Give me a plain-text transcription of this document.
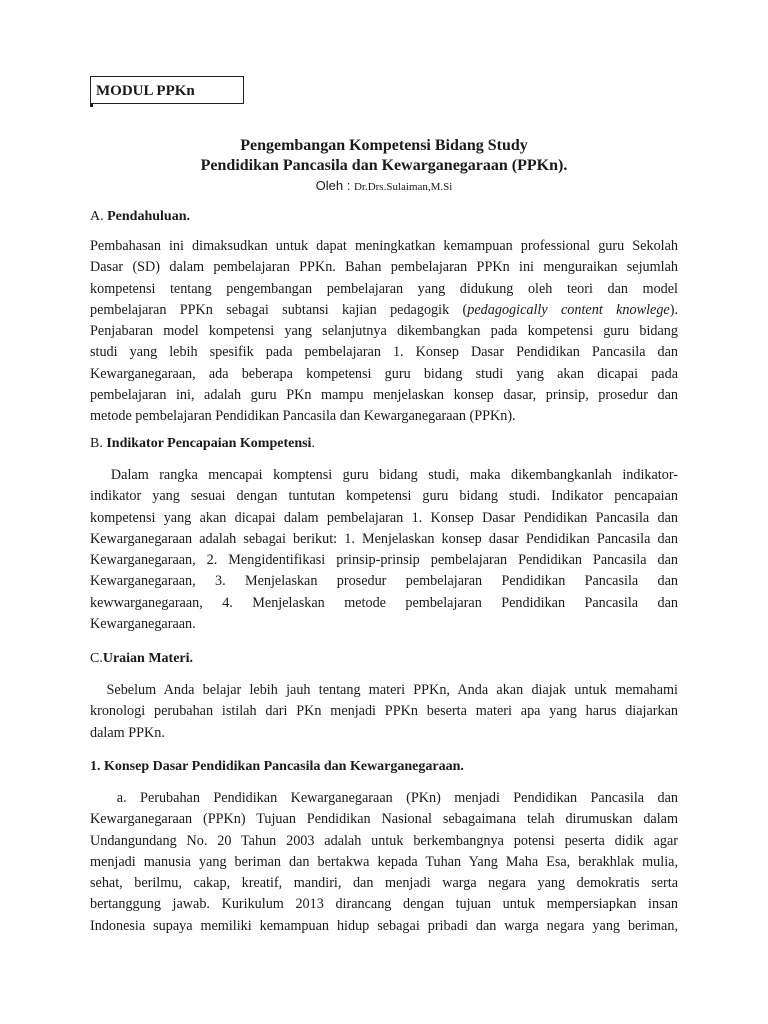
MODUL PPKn
Pengembangan Kompetensi Bidang Study
Pendidikan Pancasila dan Kewarganegaraan (PPKn).
Oleh : Dr.Drs.Sulaiman,M.Si
A. Pendahuluan.
Pembahasan ini dimaksudkan untuk dapat meningkatkan kemampuan professional guru Sekolah
Dasar (SD) dalam pembelajaran PPKn. Bahan pembelajaran PPKn ini menguraikan sejumlah
kompetensi tentang pengembangan pembelajaran yang didukung oleh teori dan model
pembelajaran PPKn sebagai subtansi kajian pedagogik (pedagogically content knowlege).
Penjabaran model kompetensi yang selanjutnya dikembangkan pada kompetensi guru bidang
studi yang lebih spesifik pada pembelajaran 1. Konsep Dasar Pendidikan Pancasila dan
Kewarganegaraan, ada beberapa kompetensi guru bidang studi yang akan dicapai pada
pembelajaran ini, adalah guru PKn mampu menjelaskan konsep dasar, prinsip, prosedur dan
metode pembelajaran Pendidikan Pancasila dan Kewarganegaraan (PPKn).
B. Indikator Pencapaian Kompetensi.
Dalam rangka mencapai komptensi guru bidang studi, maka dikembangkanlah indikator-
indikator yang sesuai dengan tuntutan kompetensi guru bidang studi. Indikator pencapaian
kompetensi yang akan dicapai dalam pembelajaran 1. Konsep Dasar Pendidikan Pancasila dan
Kewarganegaraan adalah sebagai berikut: 1. Menjelaskan konsep dasar Pendidikan Pancasila dan
Kewarganegaraan, 2. Mengidentifikasi prinsip-prinsip pembelajaran Pendidikan Pancasila dan
Kewarganegaraan, 3. Menjelaskan prosedur pembelajaran Pendidikan Pancasila dan
kewwarganegaraan, 4. Menjelaskan metode pembelajaran Pendidikan Pancasila dan
Kewarganegaraan.
C.Uraian Materi.
Sebelum Anda belajar lebih jauh tentang materi PPKn, Anda akan diajak untuk memahami
kronologi perubahan istilah dari PKn menjadi PPKn beserta materi apa yang harus diajarkan
dalam PPKn.
1. Konsep Dasar Pendidikan Pancasila dan Kewarganegaraan.
a. Perubahan Pendidikan Kewarganegaraan (PKn) menjadi Pendidikan Pancasila dan
Kewarganegaraan (PPKn) Tujuan Pendidikan Nasional sebagaimana telah dirumuskan dalam
Undangundang No. 20 Tahun 2003 adalah untuk berkembangnya potensi peserta didik agar
menjadi manusia yang beriman dan bertakwa kepada Tuhan Yang Maha Esa, berakhlak mulia,
sehat, berilmu, cakap, kreatif, mandiri, dan menjadi warga negara yang demokratis serta
bertanggung jawab. Kurikulum 2013 dirancang dengan tujuan untuk mempersiapkan insan
Indonesia supaya memiliki kemampuan hidup sebagai pribadi dan warga negara yang beriman,
